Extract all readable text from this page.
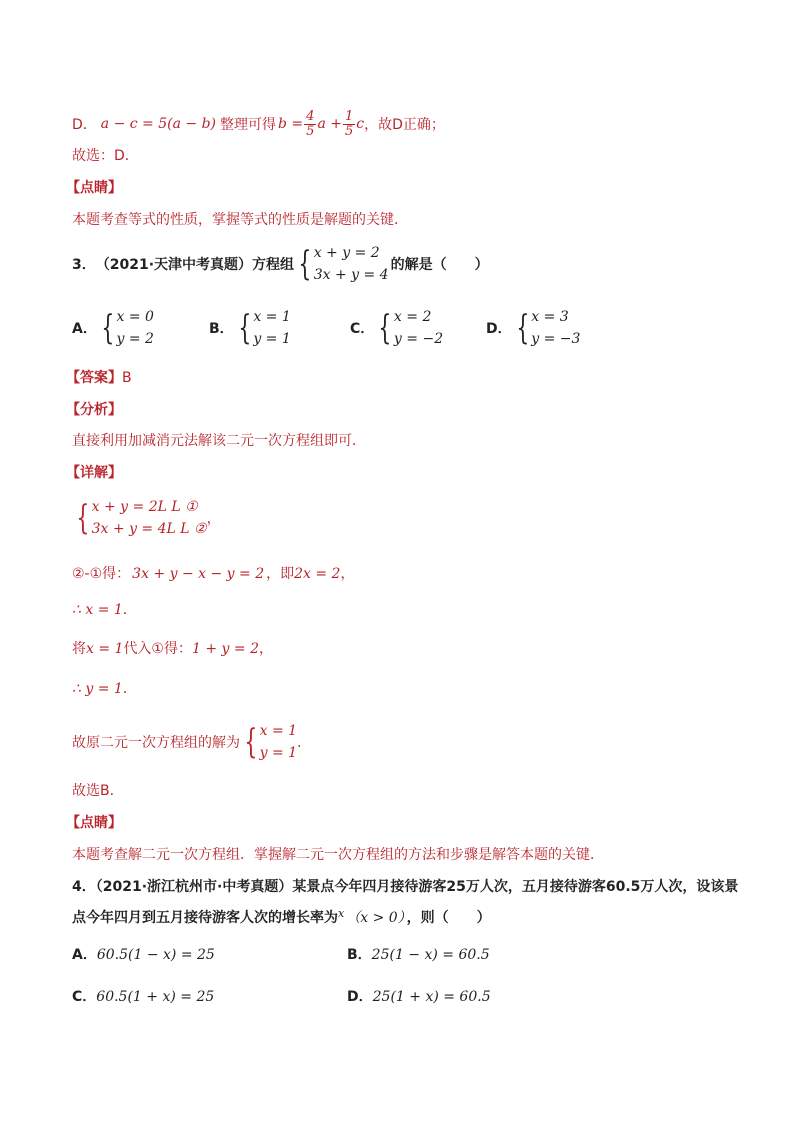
D． a − c = 5(a − b) 整理可得 $b = \frac{4}{5}$ $a + \frac{1}{5}$ c ，故D正确；
故选：D．
【点睛】
本题考查等式的性质，掌握等式的性质是解题的关键．
3． （2021·天津中考真题） 方程组 { x + y = 2
3x + y = 4
的解是（　　）
A． { x = 0
y = 2
B． { x = 1
y = 1
C． { x = 2
y = −2
D． { x = 3
y = −3
【答案】B
【分析】
直接利用加减消元法解该二元一次方程组即可．
【详解】
{ x + y = 2L L ①
3x + y = 4L L ②
，
②-①得： 3x + y − x − y = 2 ，即2x = 2，
∴ x = 1．
将x = 1代入①得：1 + y = 2，
∴ y = 1．
故原二元一次方程组的解为 { x = 1
y = 1
．
故选B．
【点睛】
本题考查解二元一次方程组．掌握解二元一次方程组的方法和步骤是解答本题的关键．
4．（2021·浙江杭州市·中考真题）某景点今年四月接待游客25万人次，五月接待游客60.5万人次，设该景
点今年四月到五月接待游客人次的增长率为$^x$ （x > 0） ，则（　　）
A．60.5(1 − x) = 25	B．25(1 − x) = 60.5
C．60.5(1 + x) = 25	D．25(1 + x) = 60.5
